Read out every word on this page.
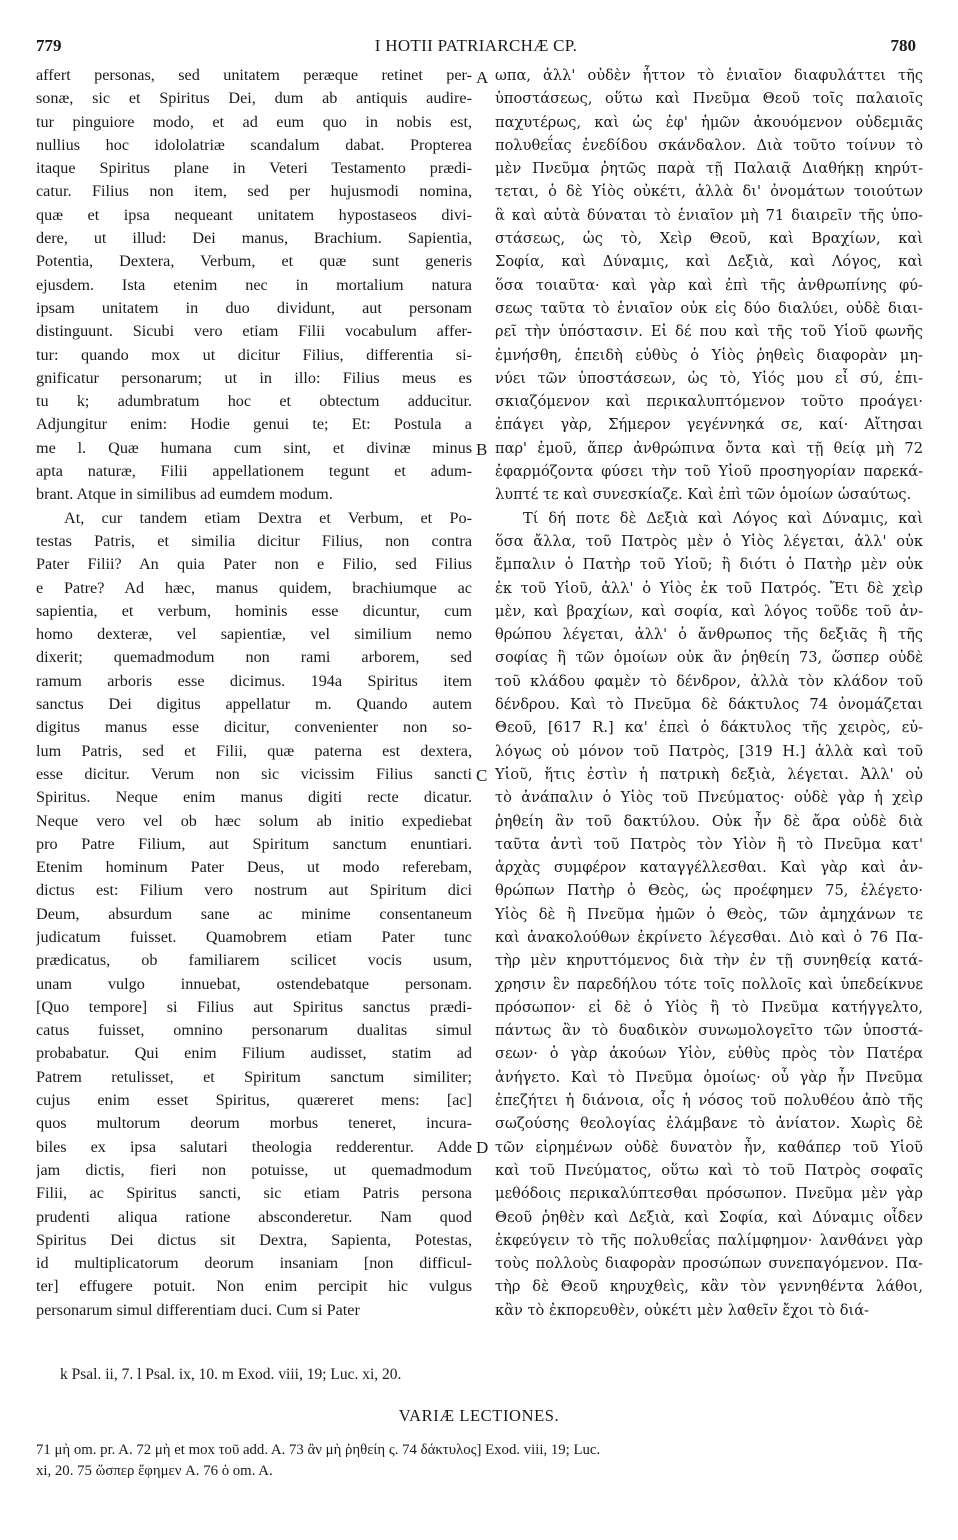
779	I HOTII PATRIARCHÆ CP.	780
affert personas, sed unitatem peræque retinet per-
sonæ, sic et Spiritus Dei, dum ab antiquis audire-
tur pinguiore modo, et ad eum quo in nobis est,
nullius hoc idololatriæ scandalum dabat. Propterea
itaque Spiritus plane in Veteri Testamento prædi-
catur. Filius non item, sed per hujusmodi nomina,
quæ et ipsa nequeant unitatem hypostaseos divi-
dere, ut illud: Dei manus, Brachium. Sapientia,
Potentia, Dextera, Verbum, et quæ sunt generis
ejusdem. Ista etenim nec in mortalium natura
ipsam unitatem in duo dividunt, aut personam
distinguunt. Sicubi vero etiam Filii vocabulum affer-
tur: quando mox ut dicitur Filius, differentia si-
gnificatur personarum; ut in illo: Filius meus es
tu k; adumbratum hoc et obtectum adducitur.
Adjungitur enim: Hodie genui te; Et: Postula a
me l. Quæ humana cum sint, et divinæ minus
apta naturæ, Filii appellationem tegunt et adum-
brant. Atque in similibus ad eumdem modum.
At, cur tandem etiam Dextra et Verbum, et Po-
testas Patris, et similia dicitur Filius, non contra
Pater Filii? An quia Pater non e Filio, sed Filius
e Patre? Ad hæc, manus quidem, brachiumque ac
sapientia, et verbum, hominis esse dicuntur, cum
homo dexteræ, vel sapientiæ, vel similium nemo
dixerit; quemadmodum non rami arborem, sed
ramum arboris esse dicimus. 194a Spiritus item
sanctus Dei digitus appellatur m. Quando autem
digitus manus esse dicitur, convenienter non so-
lum Patris, sed et Filii, quæ paterna est dextera,
esse dicitur. Verum non sic vicissim Filius sancti
Spiritus. Neque enim manus digiti recte dicatur.
Neque vero vel ob hæc solum ab initio expediebat
pro Patre Filium, aut Spiritum sanctum enuntiari.
Etenim hominum Pater Deus, ut modo referebam,
dictus est: Filium vero nostrum aut Spiritum dici
Deum, absurdum sane ac minime consentaneum
judicatum fuisset. Quamobrem etiam Pater tunc
prædicatus, ob familiarem scilicet vocis usum,
unam vulgo innuebat, ostendebatque personam.
[Quo tempore] si Filius aut Spiritus sanctus prædi-
catus fuisset, omnino personarum dualitas simul
probabatur. Qui enim Filium audisset, statim ad
Patrem retulisset, et Spiritum sanctum similiter;
cujus enim esset Spiritus, quæreret mens: [ac]
quos multorum deorum morbus teneret, incura-
biles ex ipsa salutari theologia redderentur. Adde
jam dictis, fieri non potuisse, ut quemadmodum
Filii, ac Spiritus sancti, sic etiam Patris persona
prudenti aliqua ratione absconderetur. Nam quod
Spiritus Dei dictus sit Dextra, Sapienta, Potestas,
id multiplicatorum deorum insaniam [non difficul-
ter] effugere potuit. Non enim percipit hic vulgus
personarum simul differentiam duci. Cum si Pater
ωπα, ἀλλ' οὐδὲν ἧττον τὸ ἑνιαῖον διαφυλάττει τῆς
ὑποστάσεως, οὕτω καὶ Πνεῦμα Θεοῦ τοῖς παλαιοῖς
παχυτέρως, καὶ ὡς ἐφ' ἡμῶν ἀκουόμενον οὐδεμιᾶς
πολυθεΐας ἐνεδίδου σκάνδαλον. Διὰ τοῦτο τοίνυν τὸ
μὲν Πνεῦμα ῥητῶς παρὰ τῇ Παλαιᾷ Διαθήκῃ κηρύτ-
τεται, ὁ δὲ Υἱὸς οὐκέτι, ἀλλὰ δι' ὀνομάτων τοιούτων
ἃ καὶ αὐτὰ δύναται τὸ ἑνιαῖον μὴ 71 διαιρεῖν τῆς ὑπο-
στάσεως, ὡς τὸ, Χεὶρ Θεοῦ, καὶ Βραχίων, καὶ
Σοφία, καὶ Δύναμις, καὶ Δεξιὰ, καὶ Λόγος, καὶ
ὅσα τοιαῦτα· καὶ γὰρ καὶ ἐπὶ τῆς ἀνθρωπίνης φύ-
σεως ταῦτα τὸ ἑνιαῖον οὐκ εἰς δύο διαλύει, οὐδὲ διαι-
ρεῖ τὴν ὑπόστασιν. Εἰ δέ που καὶ τῆς τοῦ Υἱοῦ φωνῆς
ἐμνήσθη, ἐπειδὴ εὐθὺς ὁ Υἱὸς ῥηθεὶς διαφορὰν μη-
νύει τῶν ὑποστάσεων, ὡς τὸ, Υἱός μου εἶ σύ, ἐπι-
σκιαζόμενον καὶ περικαλυπτόμενον τοῦτο προάγει·
ἐπάγει γὰρ, Σήμερον γεγέννηκά σε, καί· Αἴτησαι
παρ' ἐμοῦ, ἅπερ ἀνθρώπινα ὄντα καὶ τῇ θείᾳ μὴ 72
ἐφαρμόζοντα φύσει τὴν τοῦ Υἱοῦ προσηγορίαν παρεκά-
λυπτέ τε καὶ συνεσκίαζε. Καὶ ἐπὶ τῶν ὁμοίων ὡσαύτως.
Τί δή ποτε δὲ Δεξιὰ καὶ Λόγος καὶ Δύναμις, καὶ
ὅσα ἄλλα, τοῦ Πατρὸς μὲν ὁ Υἱὸς λέγεται, ἀλλ' οὐκ
ἔμπαλιν ὁ Πατὴρ τοῦ Υἱοῦ; ἢ διότι ὁ Πατὴρ μὲν οὐκ
ἐκ τοῦ Υἱοῦ, ἀλλ' ὁ Υἱὸς ἐκ τοῦ Πατρός. Ἔτι δὲ χεὶρ
μὲν, καὶ βραχίων, καὶ σοφία, καὶ λόγος τοῦδε τοῦ ἀν-
θρώπου λέγεται, ἀλλ' ὁ ἄνθρωπος τῆς δεξιᾶς ἢ τῆς
σοφίας ἢ τῶν ὁμοίων οὐκ ἂν ῥηθείη 73, ὥσπερ οὐδὲ
τοῦ κλάδου φαμὲν τὸ δένδρον, ἀλλὰ τὸν κλάδον τοῦ
δένδρου. Καὶ τὸ Πνεῦμα δὲ δάκτυλος 74 ὀνομάζεται
Θεοῦ, [617 R.] κα' ἐπεὶ ὁ δάκτυλος τῆς χειρὸς, εὐ-
λόγως οὐ μόνον τοῦ Πατρὸς, [319 H.] ἀλλὰ καὶ τοῦ
Υἱοῦ, ἥτις ἐστὶν ἡ πατρικὴ δεξιὰ, λέγεται. Ἀλλ' οὐ
τὸ ἀνάπαλιν ὁ Υἱὸς τοῦ Πνεύματος· οὐδὲ γὰρ ἡ χεὶρ
ῥηθείη ἂν τοῦ δακτύλου. Οὐκ ἦν δὲ ἄρα οὐδὲ διὰ
ταῦτα ἀντὶ τοῦ Πατρὸς τὸν Υἱὸν ἢ τὸ Πνεῦμα κατ'
ἀρχὰς συμφέρον καταγγέλλεσθαι. Καὶ γὰρ καὶ ἀν-
θρώπων Πατὴρ ὁ Θεὸς, ὡς προέφημεν 75, ἐλέγετο·
Υἱὸς δὲ ἢ Πνεῦμα ἡμῶν ὁ Θεὸς, τῶν ἀμηχάνων τε
καὶ ἀνακολούθων ἐκρίνετο λέγεσθαι. Διὸ καὶ ὁ 76 Πα-
τὴρ μὲν κηρυττόμενος διὰ τὴν ἐν τῇ συνηθείᾳ κατά-
χρησιν ἓν παρεδήλου τότε τοῖς πολλοῖς καὶ ὑπεδείκνυε
πρόσωπον· εἰ δὲ ὁ Υἱὸς ἢ τὸ Πνεῦμα κατήγγελτο,
πάντως ἂν τὸ δυαδικὸν συνωμολογεῖτο τῶν ὑποστά-
σεων· ὁ γὰρ ἀκούων Υἱὸν, εὐθὺς πρὸς τὸν Πατέρα
ἀνήγετο. Καὶ τὸ Πνεῦμα ὁμοίως· οὗ γὰρ ἦν Πνεῦμα
ἐπεζήτει ἡ διάνοια, οἷς ἡ νόσος τοῦ πολυθέου ἀπὸ τῆς
σωζούσης θεολογίας ἐλάμβανε τὸ ἀνίατον. Χωρὶς δὲ
τῶν εἰρημένων οὐδὲ δυνατὸν ἦν, καθάπερ τοῦ Υἱοῦ
καὶ τοῦ Πνεύματος, οὕτω καὶ τὸ τοῦ Πατρὸς σοφαῖς
μεθόδοις περικαλύπτεσθαι πρόσωπον. Πνεῦμα μὲν γὰρ
Θεοῦ ῥηθὲν καὶ Δεξιὰ, καὶ Σοφία, καὶ Δύναμις οἶδεν
ἐκφεύγειν τὸ τῆς πολυθεΐας παλίμφημον· λανθάνει γὰρ
τοὺς πολλοὺς διαφορὰν προσώπων συνεπαγόμενον. Πα-
τὴρ δὲ Θεοῦ κηρυχθεὶς, κἂν τὸν γεννηθέντα λάθοι,
κἂν τὸ ἐκπορευθὲν, οὐκέτι μὲν λαθεῖν ἔχοι τὸ διά-
A
B
C
D
k Psal. ii, 7. l Psal. ix, 10. m Exod. viii, 19; Luc. xi, 20.
VARIÆ LECTIONES.
71 μὴ om. pr. A. 72 μὴ et mox τοῦ add. A. 73 ἂν μὴ ῥηθείη ς. 74 δάκτυλος] Exod. viii, 19; Luc.
xi, 20. 75 ὥσπερ ἔφημεν A. 76 ὁ om. A.
